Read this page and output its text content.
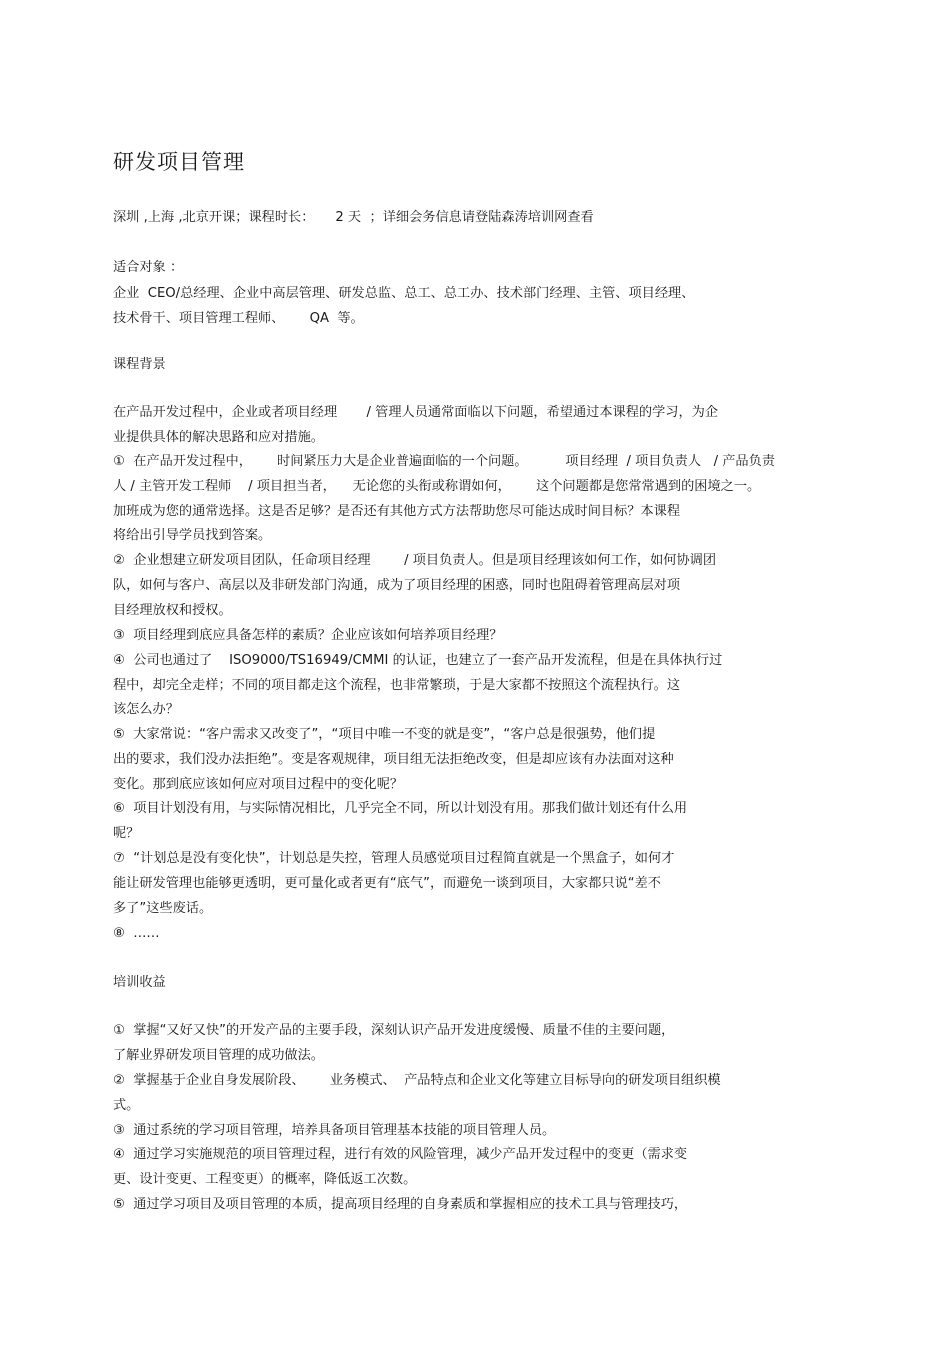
研发项目管理
深圳 ,上海 ,北京开课；课程时长：     2 天  ；详细会务信息请登陆森涛培训网查看
适合对象 ：
企业  CEO/总经理、企业中高层管理、研发总监、总工、总工办、技术部门经理、主管、项目经理、
技术骨干、项目管理工程师、      QA  等。
课程背景
在产品开发过程中，企业或者项目经理       / 管理人员通常面临以下问题，希望通过本课程的学习，为企
业提供具体的解决思路和应对措施。
①  在产品开发过程中，      时间紧压力大是企业普遍面临的一个问题。         项目经理  / 项目负责人   / 产品负责
人 / 主管开发工程师    / 项目担当者，    无论您的头衔或称谓如何，      这个问题都是您常常遇到的困境之一。
加班成为您的通常选择。这是否足够？是否还有其他方式方法帮助您尽可能达成时间目标？本课程
将给出引导学员找到答案。
②  企业想建立研发项目团队，任命项目经理        / 项目负责人。但是项目经理该如何工作，如何协调团
队，如何与客户、高层以及非研发部门沟通，成为了项目经理的困惑，同时也阻碍着管理高层对项
目经理放权和授权。
③  项目经理到底应具备怎样的素质？企业应该如何培养项目经理？
④  公司也通过了    ISO9000/TS16949/CMMI 的认证，也建立了一套产品开发流程，但是在具体执行过
程中，却完全走样；不同的项目都走这个流程，也非常繁琐，于是大家都不按照这个流程执行。这
该怎么办？
⑤  大家常说：“客户需求又改变了”，“项目中唯一不变的就是变”，“客户总是很强势，他们提
出的要求，我们没办法拒绝”。变是客观规律，项目组无法拒绝改变，但是却应该有办法面对这种
变化。那到底应该如何应对项目过程中的变化呢？
⑥  项目计划没有用，与实际情况相比，几乎完全不同，所以计划没有用。那我们做计划还有什么用
呢？
⑦  “计划总是没有变化快”，计划总是失控，管理人员感觉项目过程简直就是一个黑盒子，如何才
能让研发管理也能够更透明，更可量化或者更有“底气”，而避免一谈到项目，大家都只说“差不
多了”这些废话。
⑧  ……
培训收益
①  掌握“又好又快”的开发产品的主要手段，深刻认识产品开发进度缓慢、质量不佳的主要问题，
了解业界研发项目管理的成功做法。
②  掌握基于企业自身发展阶段、      业务模式、  产品特点和企业文化等建立目标导向的研发项目组织模
式。
③  通过系统的学习项目管理，培养具备项目管理基本技能的项目管理人员。
④  通过学习实施规范的项目管理过程，进行有效的风险管理，减少产品开发过程中的变更（需求变
更、设计变更、工程变更）的概率，降低返工次数。
⑤  通过学习项目及项目管理的本质，提高项目经理的自身素质和掌握相应的技术工具与管理技巧，
